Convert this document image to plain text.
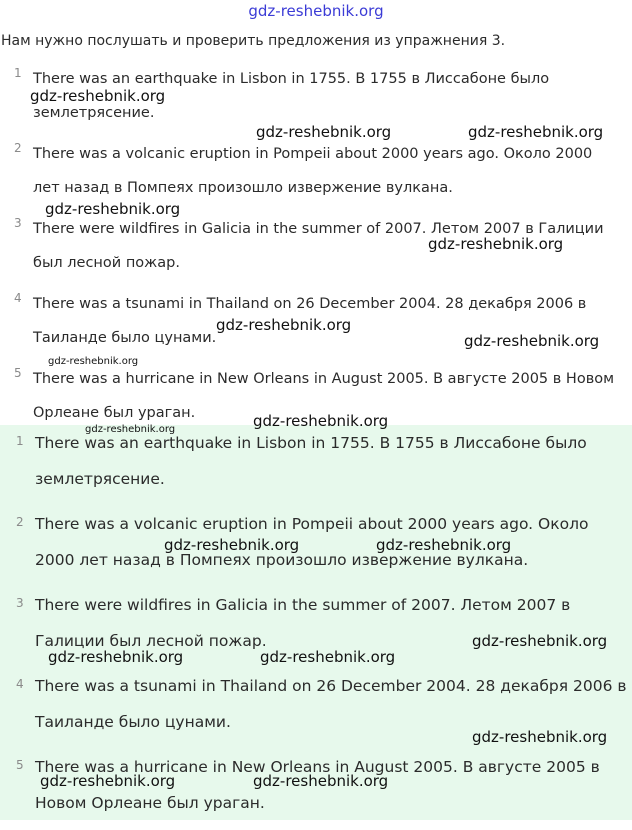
gdz-reshebnik.org
Нам нужно послушать и проверить предложения из упражнения 3.
1 There was an earthquake in Lisbon in 1755. В 1755 в Лиссабоне было землетрясение.
2 There was a volcanic eruption in Pompeii about 2000 years ago. Около 2000 лет назад в Помпеях произошло извержение вулкана.
3 There were wildfires in Galicia in the summer of 2007. Летом 2007 в Галиции был лесной пожар.
4 There was a tsunami in Thailand on 26 December 2004. 28 декабря 2006 в Таиланде было цунами.
5 There was a hurricane in New Orleans in August 2005. В августе 2005 в Новом Орлеане был ураган.
1 There was an earthquake in Lisbon in 1755. В 1755 в Лиссабоне было землетрясение.
2 There was a volcanic eruption in Pompeii about 2000 years ago. Около 2000 лет назад в Помпеях произошло извержение вулкана.
3 There were wildfires in Galicia in the summer of 2007. Летом 2007 в Галиции был лесной пожар.
4 There was a tsunami in Thailand on 26 December 2004. 28 декабря 2006 в Таиланде было цунами.
5 There was a hurricane in New Orleans in August 2005. В августе 2005 в Новом Орлеане был ураган.
gdz-reshebnik.org
gdz-reshebnik.org	gdz-reshebnik.org
gdz-reshebnik.org
gdz-reshebnik.org
gdz-reshebnik.org
gdz-reshebnik.org
gdz-reshebnik.org
gdz-reshebnik.org
gdz-reshebnik.org
gdz-reshebnik.org	gdz-reshebnik.org
gdz-reshebnik.org
gdz-reshebnik.org	gdz-reshebnik.org
gdz-reshebnik.org
gdz-reshebnik.org	gdz-reshebnik.org
